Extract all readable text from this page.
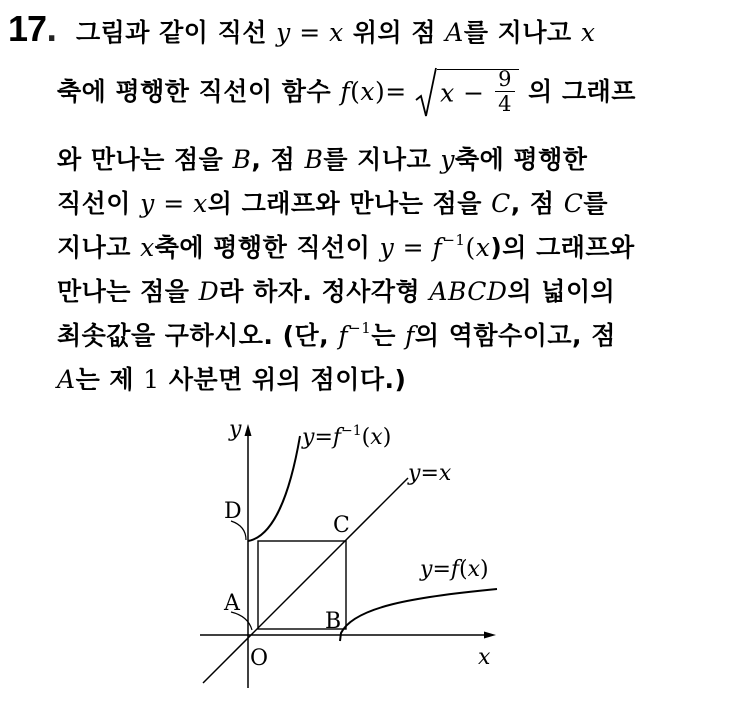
17. 그림과 같이 직선 y = x 위의 점 A를 지나고 x
축에 평행한 직선이 함수 $f(x)= x - \frac{9}{4}$ 의 그래프
와 만나는 점을 B, 점 B를 지나고 y축에 평행한
직선이 y = x의 그래프와 만나는 점을 C, 점 C를
지나고 x축에 평행한 직선이 $y = f^{-1}(x)$의 그래프와
만나는 점을 D라 하자. 정사각형 ABCD의 넓이의
최솟값을 구하시오. (단, $f^{-1}$는 f의 역함수이고, 점
A는 제 1 사분면 위의 점이다.)
y
x
O
A
B
C
D
$y=f^{-1}(x)$
y=x
y=f(x)
